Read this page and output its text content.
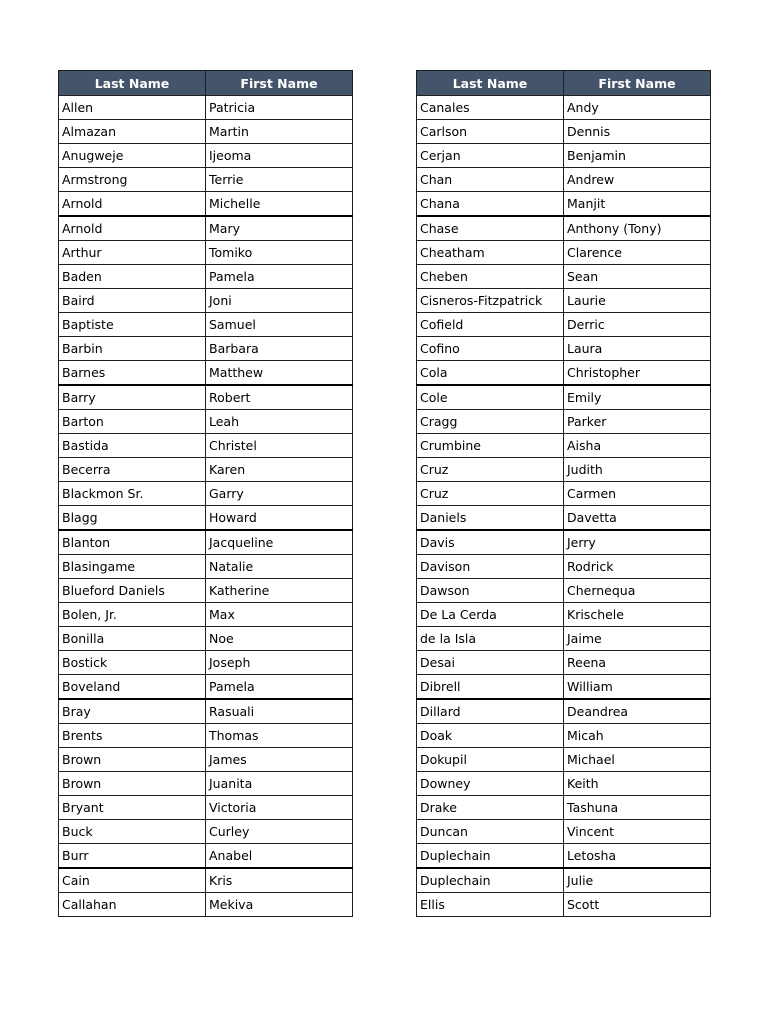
Last Name	First Name
Allen	Patricia
Almazan	Martin
Anugweje	Ijeoma
Armstrong	Terrie
Arnold	Michelle
Arnold	Mary
Arthur	Tomiko
Baden	Pamela
Baird	Joni
Baptiste	Samuel
Barbin	Barbara
Barnes	Matthew
Barry	Robert
Barton	Leah
Bastida	Christel
Becerra	Karen
Blackmon Sr.	Garry
Blagg	Howard
Blanton	Jacqueline
Blasingame	Natalie
Blueford Daniels	Katherine
Bolen, Jr.	Max
Bonilla	Noe
Bostick	Joseph
Boveland	Pamela
Bray	Rasuali
Brents	Thomas
Brown	James
Brown	Juanita
Bryant	Victoria
Buck	Curley
Burr	Anabel
Cain	Kris
Callahan	Mekiva
Last Name	First Name
Canales	Andy
Carlson	Dennis
Cerjan	Benjamin
Chan	Andrew
Chana	Manjit
Chase	Anthony (Tony)
Cheatham	Clarence
Cheben	Sean
Cisneros-Fitzpatrick	Laurie
Cofield	Derric
Cofino	Laura
Cola	Christopher
Cole	Emily
Cragg	Parker
Crumbine	Aisha
Cruz	Judith
Cruz	Carmen
Daniels	Davetta
Davis	Jerry
Davison	Rodrick
Dawson	Chernequa
De La Cerda	Krischele
de la Isla	Jaime
Desai	Reena
Dibrell	William
Dillard	Deandrea
Doak	Micah
Dokupil	Michael
Downey	Keith
Drake	Tashuna
Duncan	Vincent
Duplechain	Letosha
Duplechain	Julie
Ellis	Scott
